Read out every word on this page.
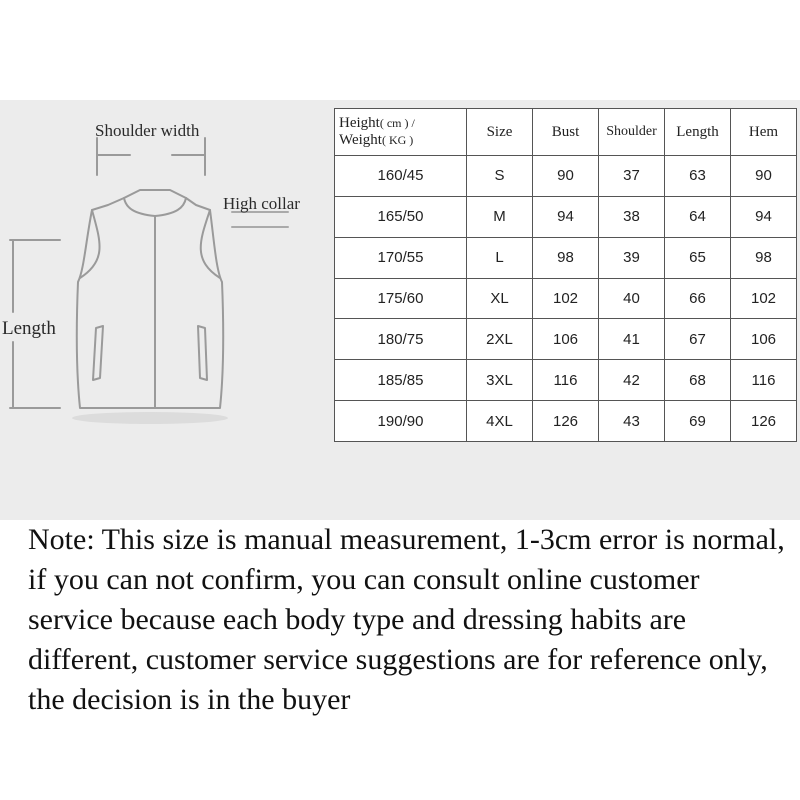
Shoulder width
High collar
Length
Height( cm ) /
Weight( KG )	Size	Bust	Shoulder	Length	Hem
160/45	S	90	37	63	90
165/50	M	94	38	64	94
170/55	L	98	39	65	98
175/60	XL	102	40	66	102
180/75	2XL	106	41	67	106
185/85	3XL	116	42	68	116
190/90	4XL	126	43	69	126
Note: This size is manual measurement, 1-3cm error is normal, if you can not confirm, you can consult online customer service because each body type and dressing habits are different, customer service suggestions are for reference only, the decision is in the buyer
